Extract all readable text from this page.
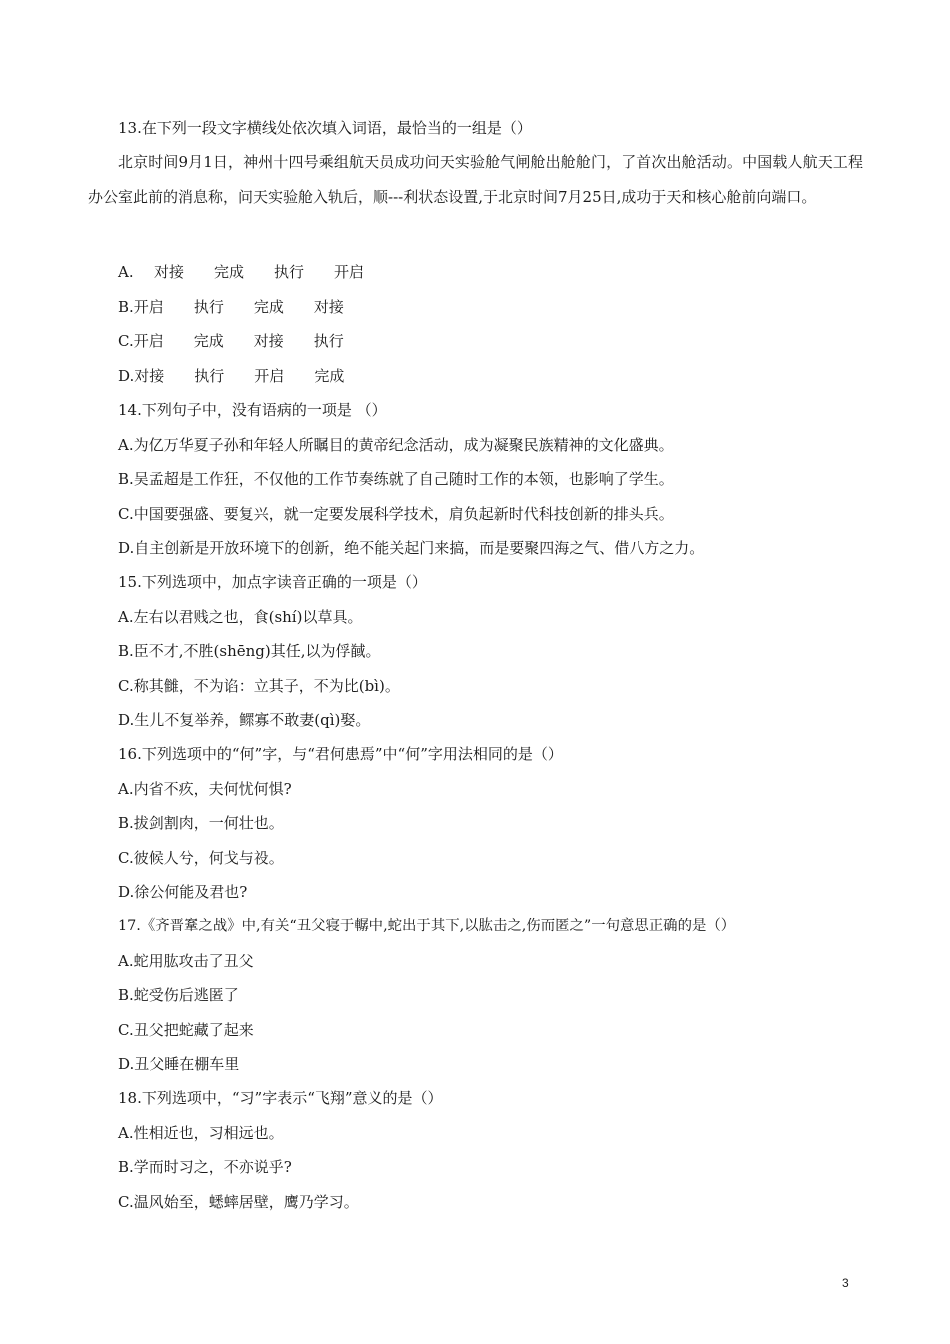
13.在下列一段文字横线处依次填入词语，最恰当的一组是（）
北京时间9月1日，神州十四号乘组航天员成功问天实验舱气闸舱出舱舱门，了首次出舱活动。中国载人航天工程办公室此前的消息称，问天实验舱入轨后，顺---利状态设置,于北京时间7月25日,成功于天和核心舱前向端口。
A. 对接 完成 执行 开启
B.开启 执行 完成 对接
C.开启 完成 对接 执行
D.对接 执行 开启 完成
14.下列句子中，没有语病的一项是 （）
A.为亿万华夏子孙和年轻人所瞩目的黄帝纪念活动，成为凝聚民族精神的文化盛典。
B.吴孟超是工作狂，不仅他的工作节奏练就了自己随时工作的本领，也影响了学生。
C.中国要强盛、要复兴，就一定要发展科学技术，肩负起新时代科技创新的排头兵。
D.自主创新是开放环境下的创新，绝不能关起门来搞，而是要聚四海之气、借八方之力。
15.下列选项中，加点字读音正确的一项是（）
A.左右以君贱之也，食(shí)以草具。
B.臣不才,不胜(shēng)其任,以为俘馘。
C.称其雠，不为谄：立其子，不为比(bì)。
D.生儿不复举养，鳏寡不敢妻(qì)娶。
16.下列选项中的“何”字，与“君何患焉”中“何”字用法相同的是（）
A.内省不疚，夫何忧何惧?
B.拔剑割肉，一何壮也。
C.彼候人兮，何戈与祋。
D.徐公何能及君也?
17.《齐晋鞌之战》中,有关“丑父寝于轏中,蛇出于其下,以肱击之,伤而匿之”一句意思正确的是（）
A.蛇用肱攻击了丑父
B.蛇受伤后逃匿了
C.丑父把蛇藏了起来
D.丑父睡在棚车里
18.下列选项中，“习”字表示“飞翔”意义的是（）
A.性相近也，习相远也。
B.学而时习之，不亦说乎?
C.温风始至，蟋蟀居壁，鹰乃学习。
3
